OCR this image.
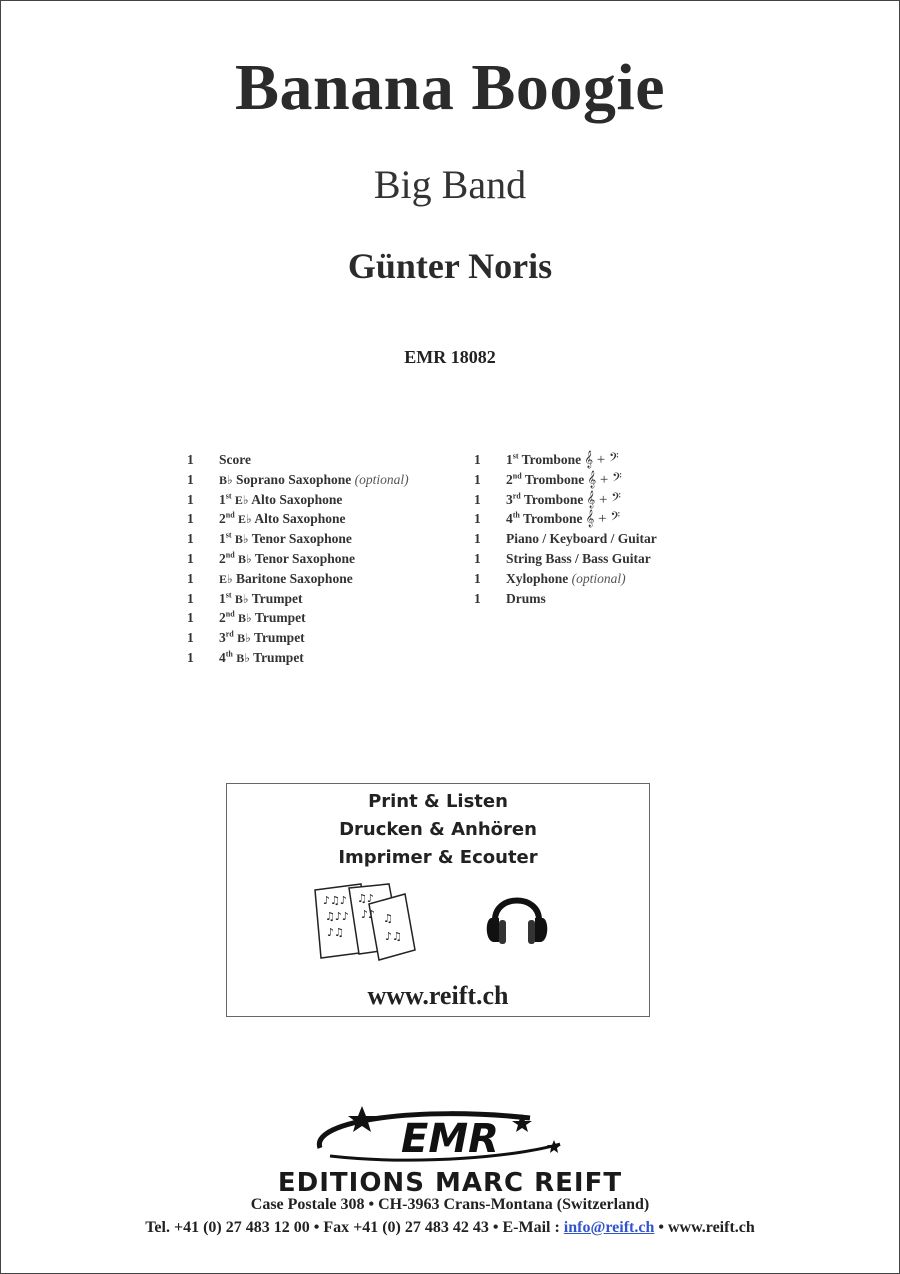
Banana Boogie
Big Band
Günter Noris
EMR 18082
1 Score
1 B♭ Soprano Saxophone (optional)
1 1st E♭ Alto Saxophone
1 2nd E♭ Alto Saxophone
1 1st B♭ Tenor Saxophone
1 2nd B♭ Tenor Saxophone
1 E♭ Baritone Saxophone
1 1st B♭ Trumpet
1 2nd B♭ Trumpet
1 3rd B♭ Trumpet
1 4th B♭ Trumpet
1 1st Trombone 𝄞 + 𝄢
1 2nd Trombone 𝄞 + 𝄢
1 3rd Trombone 𝄞 + 𝄢
1 4th Trombone 𝄞 + 𝄢
1 Piano / Keyboard / Guitar
1 String Bass / Bass Guitar
1 Xylophone (optional)
1 Drums
Print & Listen
Drucken & Anhören
Imprimer & Ecouter
♪♫♪
♫♪♪
♪♫
♫♪
♪♪ ♫
♪♫
www.reift.ch
EMR
EDITIONS MARC REIFT
Case Postale 308 • CH-3963 Crans-Montana (Switzerland)
Tel. +41 (0) 27 483 12 00 • Fax +41 (0) 27 483 42 43 • E-Mail : info@reift.ch • www.reift.ch
